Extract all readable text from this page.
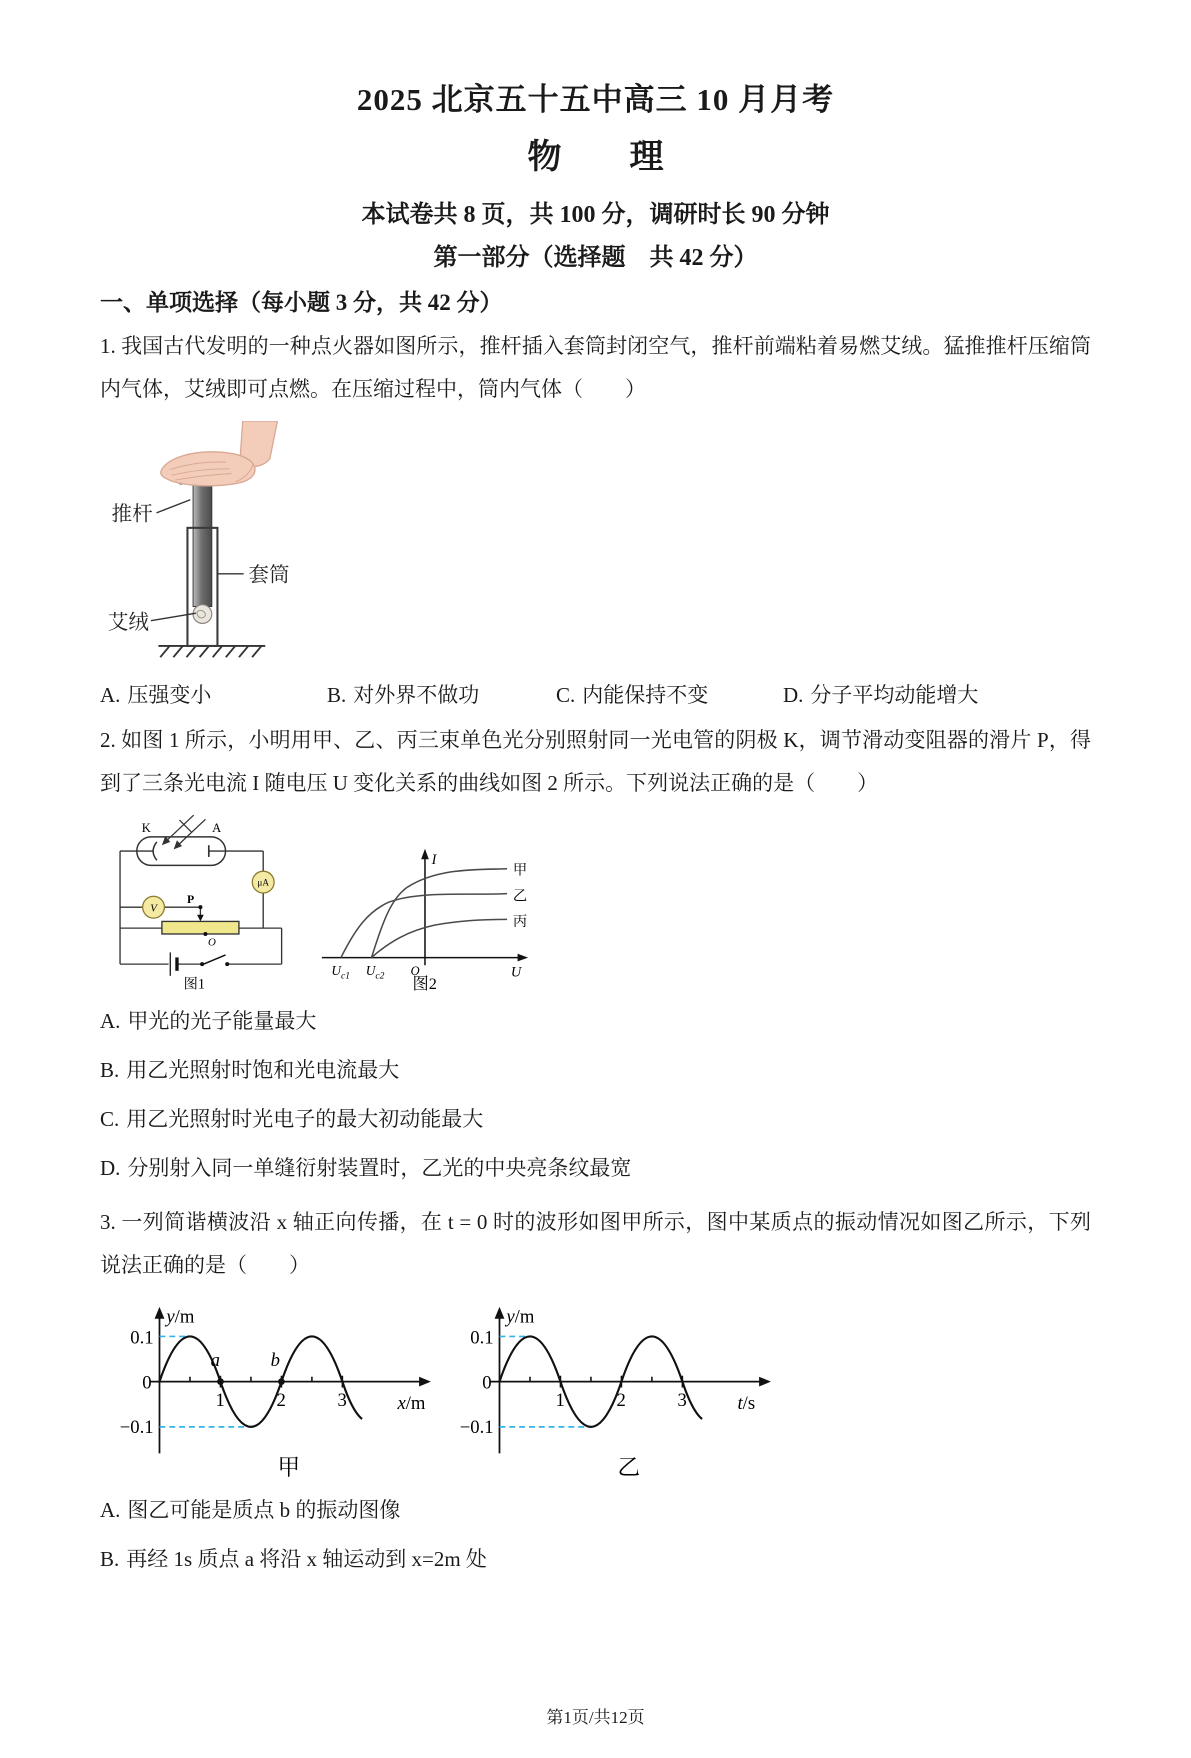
2025 北京五十五中高三 10 月月考
物　　理
本试卷共 8 页，共 100 分，调研时长 90 分钟
第一部分（选择题　共 42 分）
一、单项选择（每小题 3 分，共 42 分）

1. 我国古代发明的一种点火器如图所示，推杆插入套筒封闭空气，推杆前端粘着易燃艾绒。猛推推杆压缩筒内气体，艾绒即可点燃。在压缩过程中，筒内气体（　　）

推杆
套筒
艾绒
A. 压强变小	B. 对外界不做功	C. 内能保持不变	D. 分子平均动能增大

2. 如图 1 所示，小明用甲、乙、丙三束单色光分别照射同一光电管的阴极 K，调节滑动变阻器的滑片 P，得到了三条光电流 I 随电压 U 变化关系的曲线如图 2 所示。下列说法正确的是（　　）

K	A
μA
V
P
O
图1
I
U
O
$U_{c1}$ $U_{c2}$
甲
乙
丙
图2

A. 甲光的光子能量最大

B. 用乙光照射时饱和光电流最大

C. 用乙光照射时光电子的最大初动能最大

D. 分别射入同一单缝衍射装置时，乙光的中央亮条纹最宽

3. 一列简谐横波沿 x 轴正向传播，在 t = 0 时的波形如图甲所示，图中某质点的振动情况如图乙所示，下列说法正确的是（　　）

y/m
x/m
1	2	3
0.1
0
−0.1
a	b
甲
y/m
t/s
1	2	3
0.1
0
−0.1
乙

A. 图乙可能是质点 b 的振动图像

B. 再经 1s 质点 a 将沿 x 轴运动到 x=2m 处

第1页/共12页
